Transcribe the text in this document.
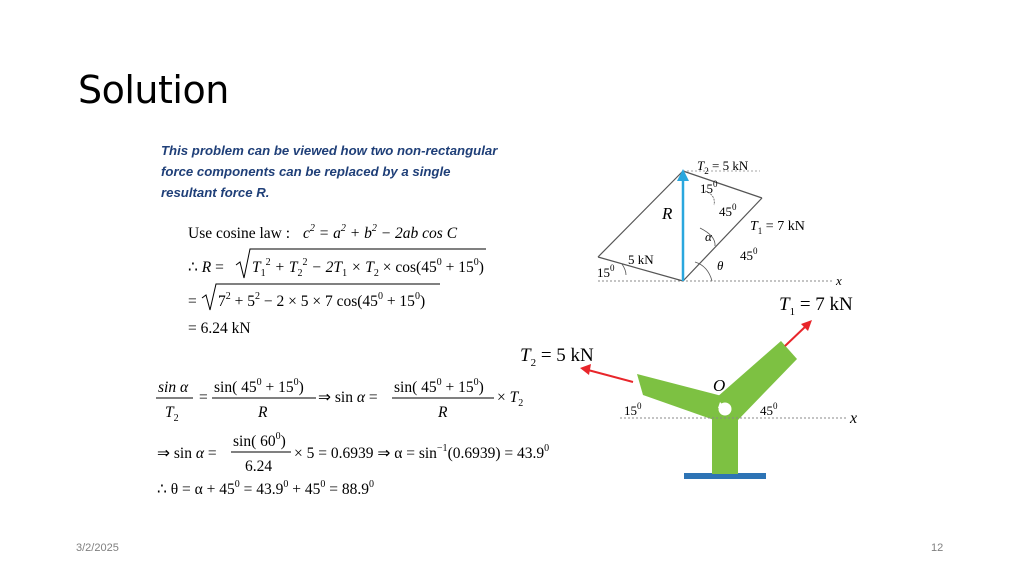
Solution
This problem can be viewed how two non-rectangular
force components can be replaced by a single
resultant force R.
Use cosine law : $c^2 = a^2 + b^2 - 2ab$ cos C
∴ $R = T_1^2 + T_2^2 - 2T_1 \times T_2 \times \cos(45^0 + 15^0)$
= $7^2 + 5^2 - 2 \times 5 \times 7$ $\cos(45^0 + 15^0)$
= 6.24 kN
sin α
$T_2$
=
sin( $45^0 + 15^0$)
R
⇒ sin α =
sin( $45^0 + 15^0$)
R
× $T_2$
⇒ sin α =
sin( $60^0$)
6.24
× 5 = 0.6939 ⇒ $\alpha = \sin^{-1}(0.6939) = 43.9^0$
∴ $\theta = \alpha + 45^0 = 43.9^0 + 45^0 = 88.9^0$
$T_2 = 5$ kN
$15^0$
$45^0$
$T_1 = 7$ kN
R
α
$45^0$
θ
5 kN
$15^0$
x
$T_1 = 7$ kN
$T_2 = 5$ kN
O
$15^0$	$45^0$
x
3/2/2025	12
